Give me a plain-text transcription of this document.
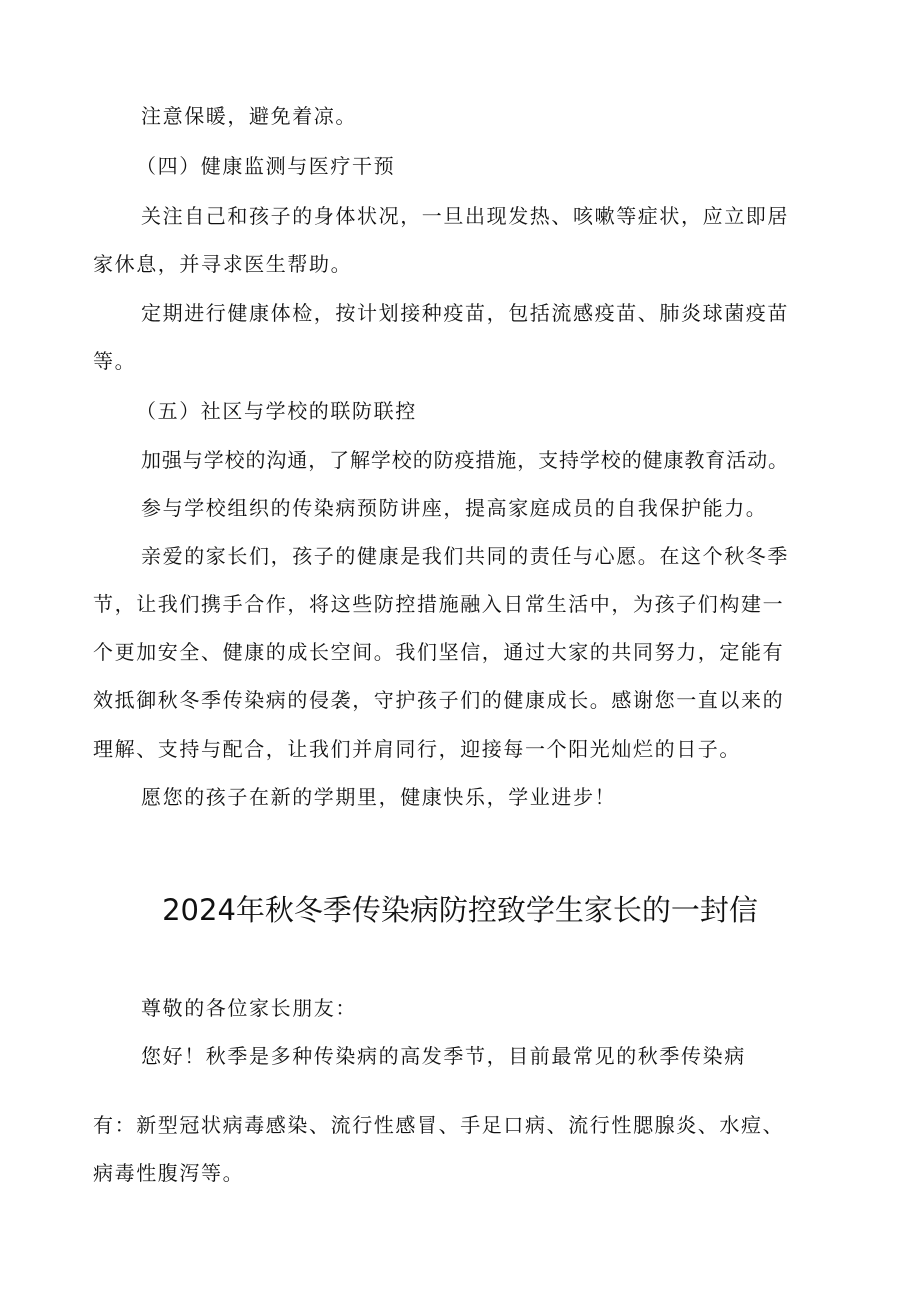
注意保暖，避免着凉。
（四）健康监测与医疗干预
关注自己和孩子的身体状况，一旦出现发热、咳嗽等症状，应立即居
家休息，并寻求医生帮助。
定期进行健康体检，按计划接种疫苗，包括流感疫苗、肺炎球菌疫苗
等。
（五）社区与学校的联防联控
加强与学校的沟通，了解学校的防疫措施，支持学校的健康教育活动。
参与学校组织的传染病预防讲座，提高家庭成员的自我保护能力。
亲爱的家长们，孩子的健康是我们共同的责任与心愿。在这个秋冬季
节，让我们携手合作，将这些防控措施融入日常生活中，为孩子们构建一
个更加安全、健康的成长空间。我们坚信，通过大家的共同努力，定能有
效抵御秋冬季传染病的侵袭，守护孩子们的健康成长。感谢您一直以来的
理解、支持与配合，让我们并肩同行，迎接每一个阳光灿烂的日子。
愿您的孩子在新的学期里，健康快乐，学业进步！
2024年秋冬季传染病防控致学生家长的一封信
尊敬的各位家长朋友：
您好！秋季是多种传染病的高发季节，目前最常见的秋季传染病
有：新型冠状病毒感染、流行性感冒、手足口病、流行性腮腺炎、水痘、
病毒性腹泻等。
